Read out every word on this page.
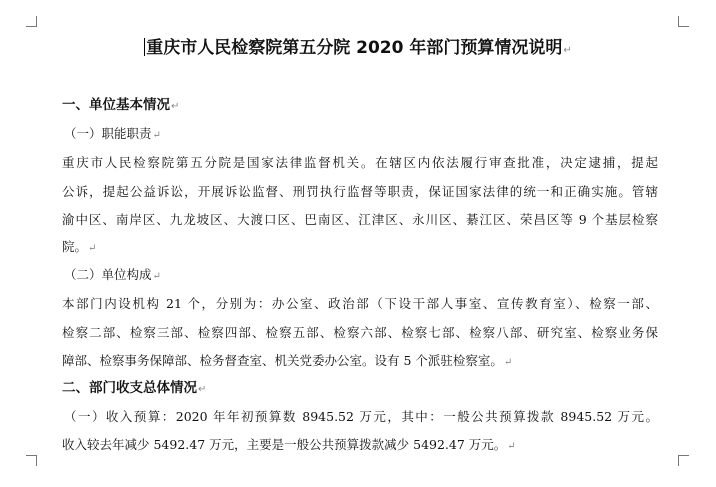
重庆市人民检察院第五分院 2020 年部门预算情况说明↵
一、单位基本情况↵
（一）职能职责↵
重庆市人民检察院第五分院是国家法律监督机关。在辖区内依法履行审查批准，决定逮捕，提起
公诉，提起公益诉讼，开展诉讼监督、刑罚执行监督等职责，保证国家法律的统一和正确实施。管辖
渝中区、南岸区、九龙坡区、大渡口区、巴南区、江津区、永川区、綦江区、荣昌区等 9 个基层检察
院。↵
（二）单位构成↵
本部门内设机构 21 个，分别为：办公室、政治部（下设干部人事室、宣传教育室）、检察一部、
检察二部、检察三部、检察四部、检察五部、检察六部、检察七部、检察八部、研究室、检察业务保
障部、检察事务保障部、检务督查室、机关党委办公室。设有 5 个派驻检察室。↵
二、部门收支总体情况↵
（一）收入预算：2020 年年初预算数 8945.52 万元，其中：一般公共预算拨款 8945.52 万元。
收入较去年减少 5492.47 万元，主要是一般公共预算拨款减少 5492.47 万元。↵
